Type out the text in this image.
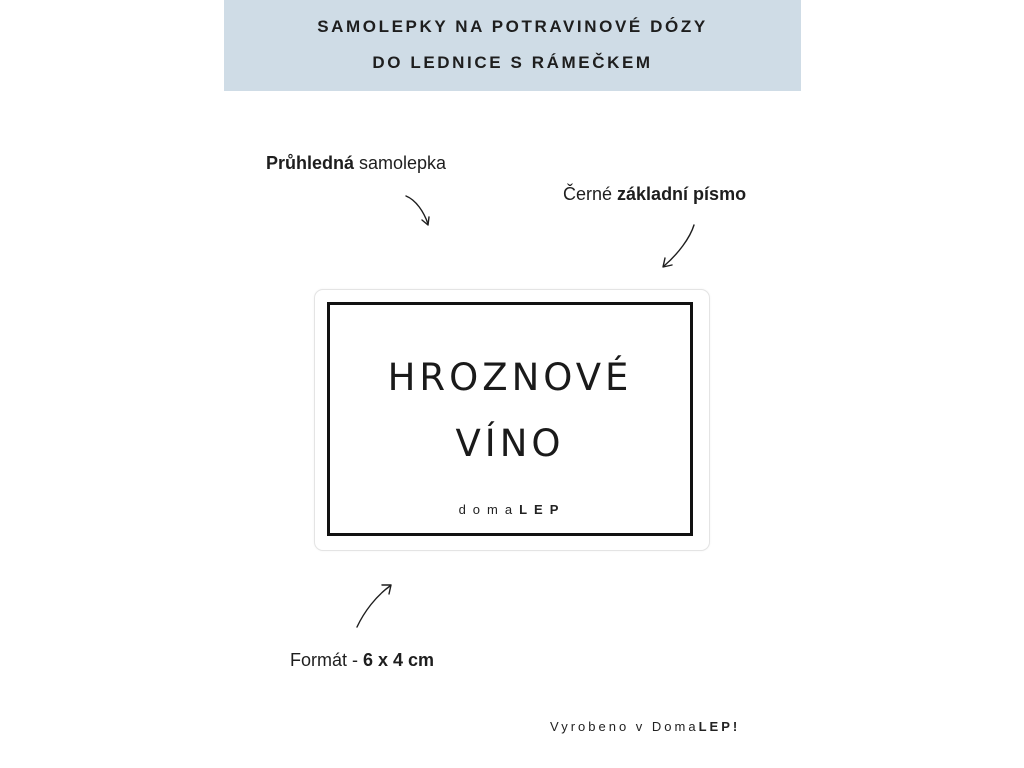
SAMOLEPKY NA POTRAVINOVÉ DÓZY
DO LEDNICE S RÁMEČKEM
Průhledná samolepka
Černé základní písmo
HROZNOVÉ
VÍNO
domaLEP
Formát - 6 x 4 cm
Vyrobeno v DomaLEP!
